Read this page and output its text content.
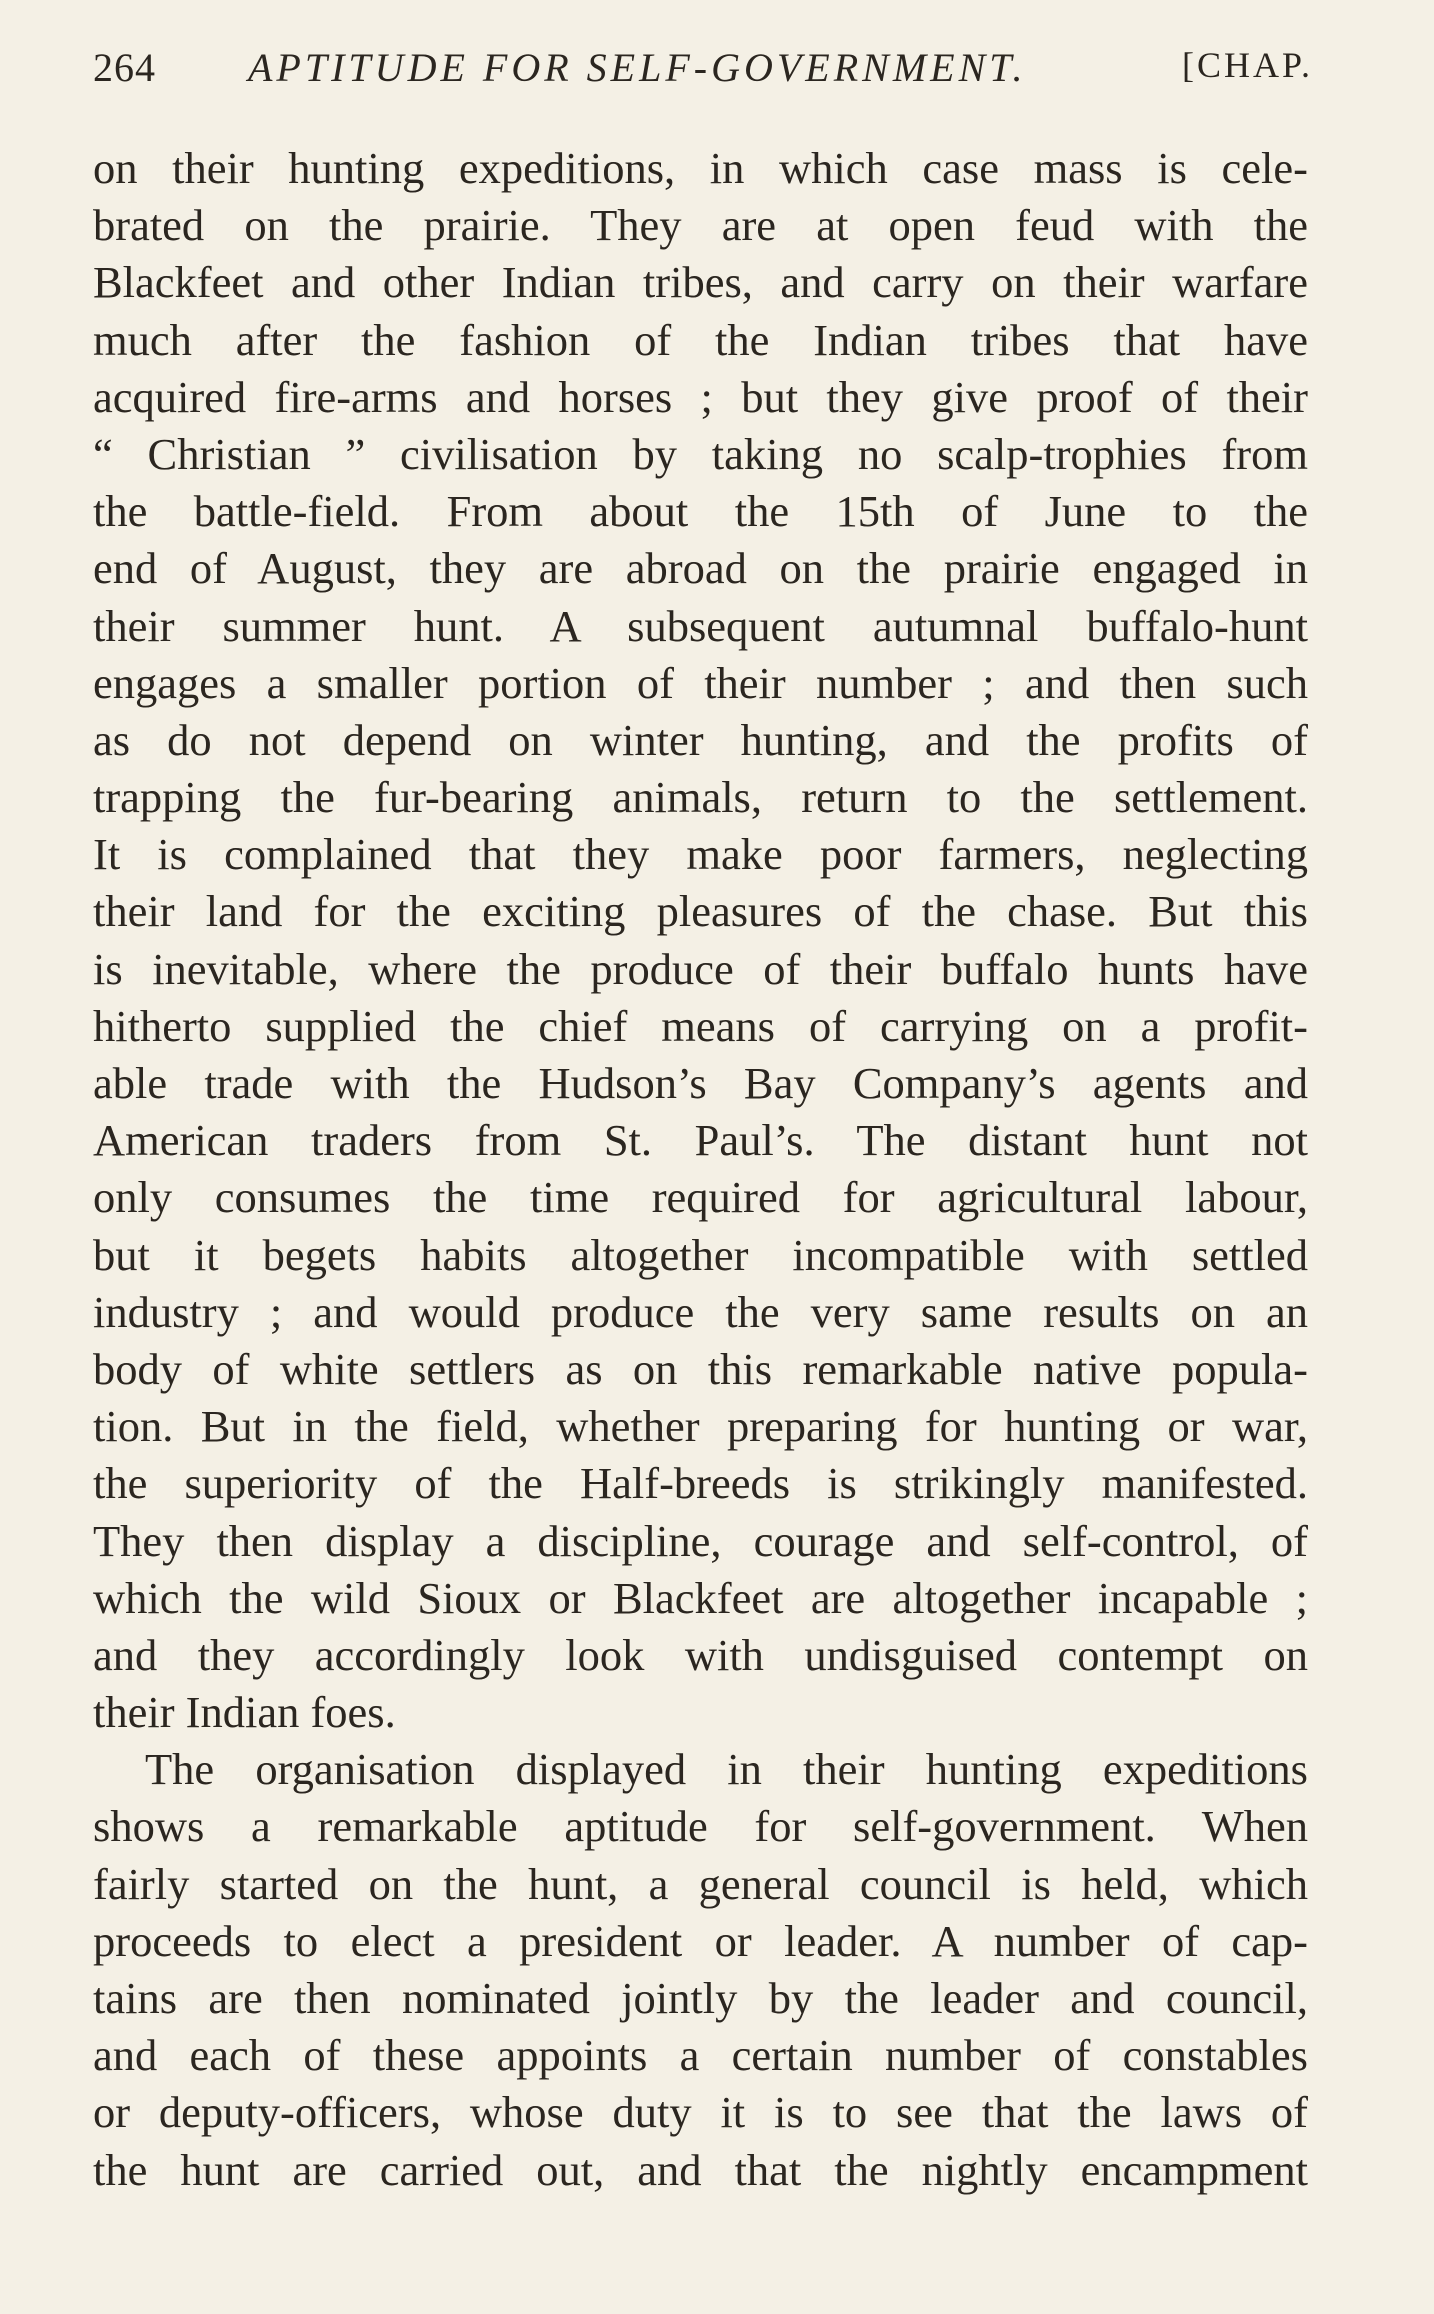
264 APTITUDE FOR SELF-GOVERNMENT.	[CHAP.
on their hunting expeditions, in which case mass is cele-
brated on the prairie. They are at open feud with the
Blackfeet and other Indian tribes, and carry on their warfare
much after the fashion of the Indian tribes that have
acquired fire-arms and horses ; but they give proof of their
“ Christian ” civilisation by taking no scalp-trophies from
the battle-field. From about the 15th of June to the
end of August, they are abroad on the prairie engaged in
their summer hunt. A subsequent autumnal buffalo-hunt
engages a smaller portion of their number ; and then such
as do not depend on winter hunting, and the profits of
trapping the fur-bearing animals, return to the settlement.
It is complained that they make poor farmers, neglecting
their land for the exciting pleasures of the chase. But this
is inevitable, where the produce of their buffalo hunts have
hitherto supplied the chief means of carrying on a profit-
able trade with the Hudson’s Bay Company’s agents and
American traders from St. Paul’s. The distant hunt not
only consumes the time required for agricultural labour,
but it begets habits altogether incompatible with settled
industry ; and would produce the very same results on an
body of white settlers as on this remarkable native popula-
tion. But in the field, whether preparing for hunting or war,
the superiority of the Half-breeds is strikingly manifested.
They then display a discipline, courage and self-control, of
which the wild Sioux or Blackfeet are altogether incapable ;
and they accordingly look with undisguised contempt on
their Indian foes.
The organisation displayed in their hunting expeditions
shows a remarkable aptitude for self-government. When
fairly started on the hunt, a general council is held, which
proceeds to elect a president or leader. A number of cap-
tains are then nominated jointly by the leader and council,
and each of these appoints a certain number of constables
or deputy-officers, whose duty it is to see that the laws of
the hunt are carried out, and that the nightly encampment
